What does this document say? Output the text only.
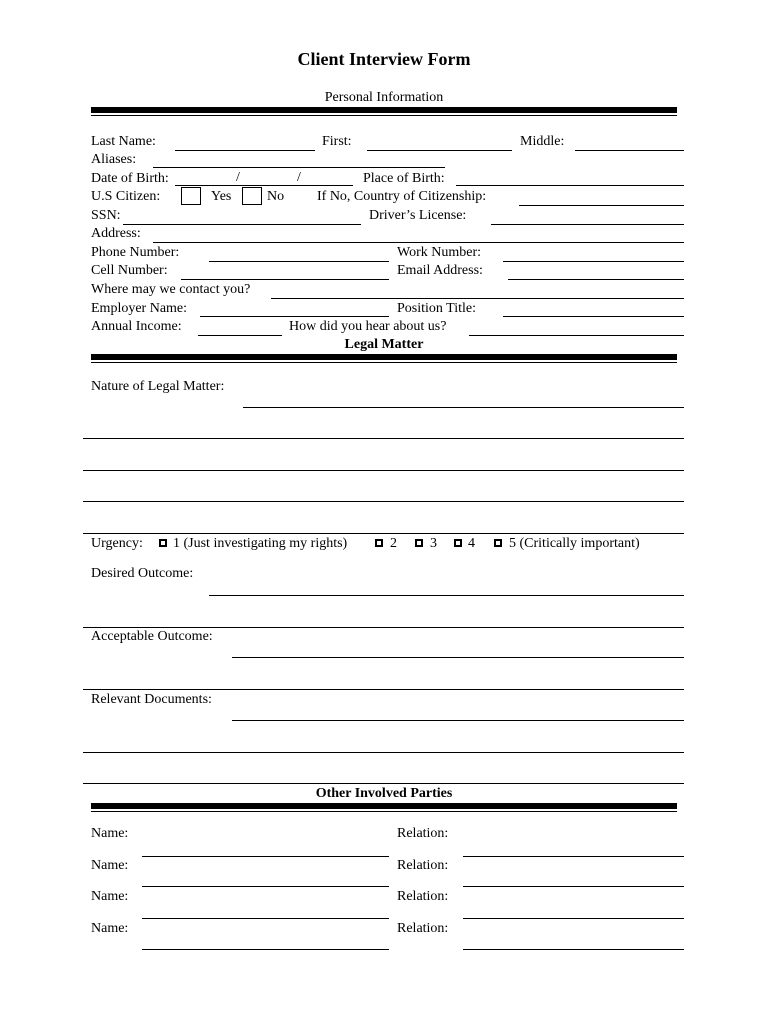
Client Interview Form
Personal Information
Last Name:	First:	Middle:
Aliases:
Date of Birth:	/	/	Place of Birth:
U.S Citizen:	Yes	No If No, Country of Citizenship:
SSN:	Driver’s License:
Address:
Phone Number:	Work Number:
Cell Number:	Email Address:
Where may we contact you?
Employer Name:	Position Title:
Annual Income:	How did you hear about us?
Legal Matter
Nature of Legal Matter:
Urgency: 1 (Just investigating my rights)	2 3 4 5 (Critically important)
Desired Outcome:
Acceptable Outcome:
Relevant Documents:
Other Involved Parties
Name:	Relation:
Name:	Relation:
Name:	Relation:
Name:	Relation:
